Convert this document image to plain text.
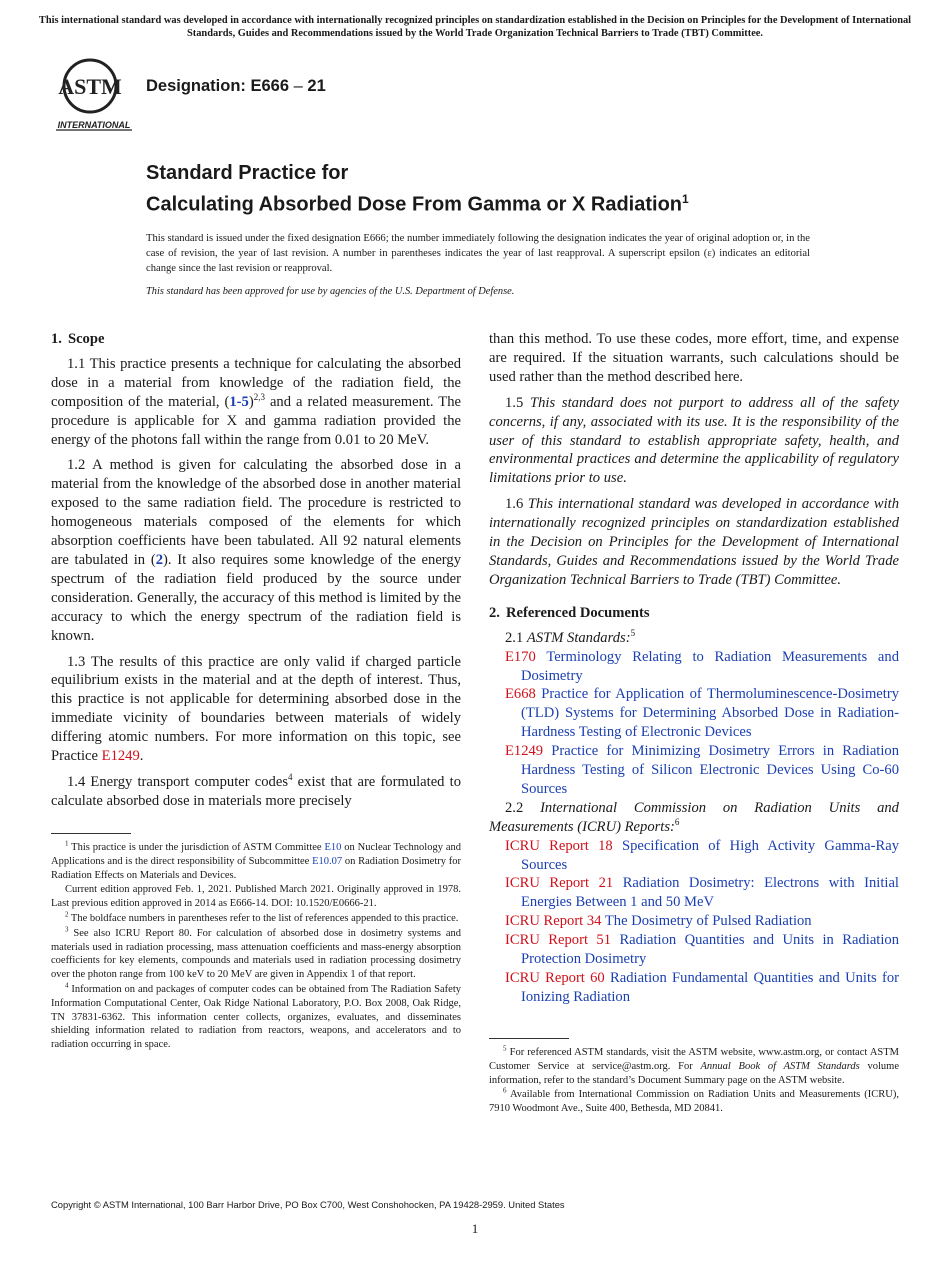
This international standard was developed in accordance with internationally recognized principles on standardization established in the Decision on Principles for the Development of International Standards, Guides and Recommendations issued by the World Trade Organization Technical Barriers to Trade (TBT) Committee.
ASTM
INTERNATIONAL
Designation: E666 – 21
Standard Practice for
Calculating Absorbed Dose From Gamma or X Radiation$^1$
This standard is issued under the fixed designation E666; the number immediately following the designation indicates the year of original adoption or, in the case of revision, the year of last revision. A number in parentheses indicates the year of last reapproval. A superscript epsilon (ε) indicates an editorial change since the last revision or reapproval.
This standard has been approved for use by agencies of the U.S. Department of Defense.
1. Scope

1.1 This practice presents a technique for calculating the absorbed dose in a material from knowledge of the radiation field, the composition of the material, $(1-5)^{2,3}$ and a related measurement. The procedure is applicable for X and gamma radiation provided the energy of the photons fall within the range from 0.01 to 20 MeV.

1.2 A method is given for calculating the absorbed dose in a material from the knowledge of the absorbed dose in another material exposed to the same radiation field. The procedure is restricted to homogeneous materials composed of the elements for which absorption coefficients have been tabulated. All 92 natural elements are tabulated in (2). It also requires some knowledge of the energy spectrum of the radiation field produced by the source under consideration. Generally, the accuracy of this method is limited by the accuracy to which the energy spectrum of the radiation field is known.

1.3 The results of this practice are only valid if charged particle equilibrium exists in the material and at the depth of interest. Thus, this practice is not applicable for determining absorbed dose in the immediate vicinity of boundaries between materials of widely differing atomic numbers. For more information on this topic, see Practice E1249.

1.4 Energy transport computer codes$^4$ exist that are formulated to calculate absorbed dose in materials more precisely

$^1$ This practice is under the jurisdiction of ASTM Committee E10 on Nuclear Technology and Applications and is the direct responsibility of Subcommittee E10.07 on Radiation Dosimetry for Radiation Effects on Materials and Devices.

Current edition approved Feb. 1, 2021. Published March 2021. Originally approved in 1978. Last previous edition approved in 2014 as E666-14. DOI: 10.1520/E0666-21.

$^2$ The boldface numbers in parentheses refer to the list of references appended to this practice.

$^3$ See also ICRU Report 80. For calculation of absorbed dose in dosimetry systems and materials used in radiation processing, mass attenuation coefficients and mass-energy absorption coefficients for key elements, compounds and materials used in radiation processing dosimetry over the photon range from 100 keV to 20 MeV are given in Appendix 1 of that report.

$^4$ Information on and packages of computer codes can be obtained from The Radiation Safety Information Computational Center, Oak Ridge National Laboratory, P.O. Box 2008, Oak Ridge, TN 37831-6362. This information center collects, organizes, evaluates, and disseminates shielding information related to radiation from reactors, weapons, and accelerators and to radiation occurring in space.

than this method. To use these codes, more effort, time, and expense are required. If the situation warrants, such calculations should be used rather than the method described here.

1.5 This standard does not purport to address all of the safety concerns, if any, associated with its use. It is the responsibility of the user of this standard to establish appropriate safety, health, and environmental practices and determine the applicability of regulatory limitations prior to use.

1.6 This international standard was developed in accordance with internationally recognized principles on standardization established in the Decision on Principles for the Development of International Standards, Guides and Recommendations issued by the World Trade Organization Technical Barriers to Trade (TBT) Committee.

2. Referenced Documents
2.1 ASTM Standards:$^5$
E170 Terminology Relating to Radiation Measurements and Dosimetry
E668 Practice for Application of Thermoluminescence-Dosimetry (TLD) Systems for Determining Absorbed Dose in Radiation-Hardness Testing of Electronic Devices
E1249 Practice for Minimizing Dosimetry Errors in Radiation Hardness Testing of Silicon Electronic Devices Using Co-60 Sources
2.2 International Commission on Radiation Units and Measurements (ICRU) Reports:$^6$
ICRU Report 18 Specification of High Activity Gamma-Ray Sources
ICRU Report 21 Radiation Dosimetry: Electrons with Initial Energies Between 1 and 50 MeV
ICRU Report 34 The Dosimetry of Pulsed Radiation
ICRU Report 51 Radiation Quantities and Units in Radiation Protection Dosimetry
ICRU Report 60 Radiation Fundamental Quantities and Units for Ionizing Radiation

$^5$ For referenced ASTM standards, visit the ASTM website, www.astm.org, or contact ASTM Customer Service at service@astm.org. For Annual Book of ASTM Standards volume information, refer to the standard’s Document Summary page on the ASTM website.

$^6$ Available from International Commission on Radiation Units and Measurements (ICRU), 7910 Woodmont Ave., Suite 400, Bethesda, MD 20841.

Copyright © ASTM International, 100 Barr Harbor Drive, PO Box C700, West Conshohocken, PA 19428-2959. United States
1
